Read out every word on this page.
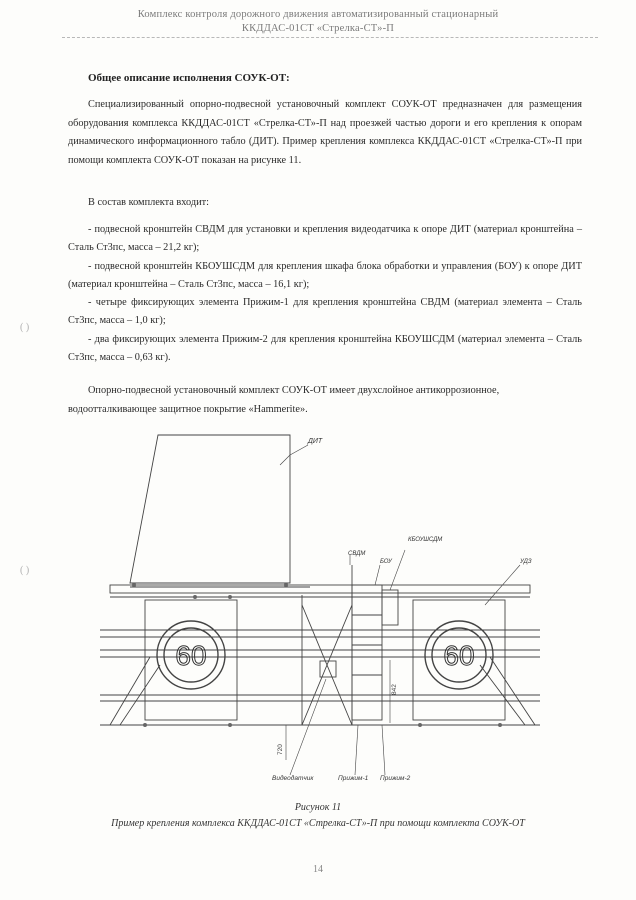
Комплекс контроля дорожного движения автоматизированный стационарный
ККДДАС-01СТ «Стрелка-СТ»-П
Общее описание исполнения СОУК-ОТ:
Специализированный опорно-подвесной установочный комплект СОУК-ОТ предназначен для размещения оборудования комплекса ККДДАС-01СТ «Стрелка-СТ»-П над проезжей частью дороги и его крепления к опорам динамического информационного табло (ДИТ). Пример крепления комплекса ККДДАС-01СТ «Стрелка-СТ»-П при помощи комплекта СОУК-ОТ показан на рисунке 11.
В состав комплекта входит:
- подвесной кронштейн СВДМ для установки и крепления видеодатчика к опоре ДИТ (материал кронштейна – Сталь Ст3пс, масса – 21,2 кг);
- подвесной кронштейн КБОУШСДМ для крепления шкафа блока обработки и управления (БОУ) к опоре ДИТ (материал кронштейна – Сталь Ст3пс, масса – 16,1 кг);
- четыре фиксирующих элемента Прижим-1 для крепления кронштейна СВДМ (материал элемента – Сталь Ст3пс, масса – 1,0 кг);
- два фиксирующих элемента Прижим-2 для крепления кронштейна КБОУШСДМ (материал элемента – Сталь Ст3пс, масса – 0,63 кг).
Опорно-подвесной установочный комплект СОУК-ОТ имеет двухслойное антикоррозионное, водоотталкивающее защитное покрытие «Hammerite».
( )
( )
ДИТ
КБОУШСДМ
СВДМ
БОУ	УДЗ
Видеодатчик	Прижим-1 Прижим-2
842
720
60	60
Рисунок 11
Пример крепления комплекса ККДДАС-01СТ «Стрелка-СТ»-П при помощи комплекта СОУК-ОТ
14
